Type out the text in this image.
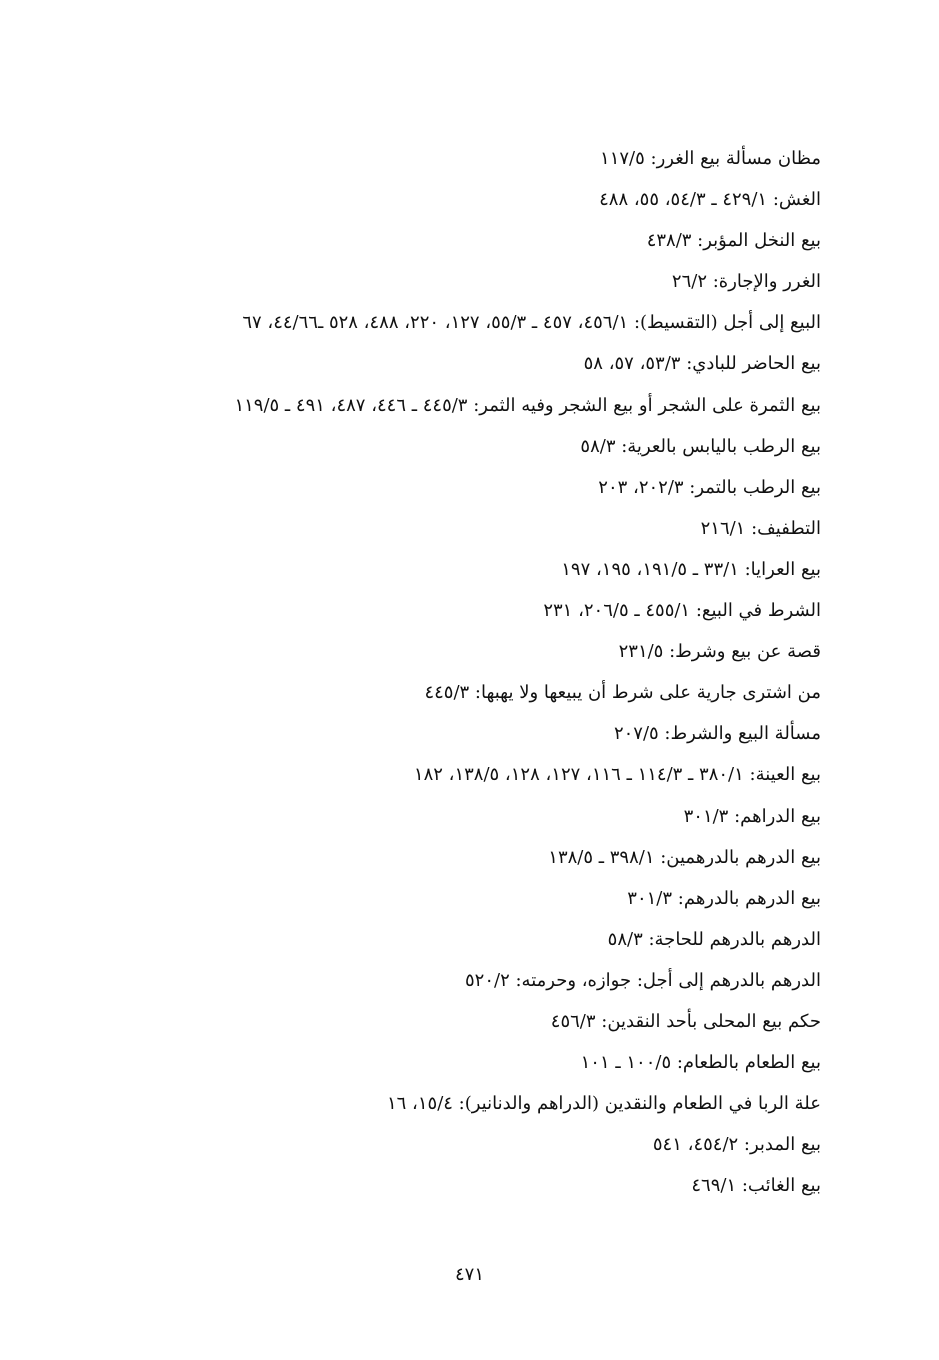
مظان مسألة بيع الغرر: ١١٧/٥
الغش: ٤٢٩/١ ـ ٥٤/٣، ٥٥، ٤٨٨
بيع النخل المؤبر: ٤٣٨/٣
الغرر والإجارة: ٢٦/٢
البيع إلى أجل (التقسيط): ٤٥٦/١، ٤٥٧ ـ ٥٥/٣، ١٢٧، ٢٢٠، ٤٨٨، ٥٢٨ ـ٤٤/٦٦، ٦٧
بيع الحاضر للبادي: ٥٣/٣، ٥٧، ٥٨
بيع الثمرة على الشجر أو بيع الشجر وفيه الثمر: ٤٤٥/٣ ـ ٤٤٦، ٤٨٧، ٤٩١ ـ ١١٩/٥
بيع الرطب باليابس بالعرية: ٥٨/٣
بيع الرطب بالتمر: ٢٠٢/٣، ٢٠٣
التطفيف: ٢١٦/١
بيع العرايا: ٣٣/١ ـ ١٩١/٥، ١٩٥، ١٩٧
الشرط في البيع: ٤٥٥/١ ـ ٢٠٦/٥، ٢٣١
قصة عن بيع وشرط: ٢٣١/٥
من اشترى جارية على شرط أن يبيعها ولا يهبها: ٤٤٥/٣
مسألة البيع والشرط: ٢٠٧/٥
بيع العينة: ٣٨٠/١ ـ ١١٤/٣ ـ ١١٦، ١٢٧، ١٢٨، ١٣٨/٥، ١٨٢
بيع الدراهم: ٣٠١/٣
بيع الدرهم بالدرهمين: ٣٩٨/١ ـ ١٣٨/٥
بيع الدرهم بالدرهم: ٣٠١/٣
الدرهم بالدرهم للحاجة: ٥٨/٣
الدرهم بالدرهم إلى أجل: جوازه، وحرمته: ٥٢٠/٢
حكم بيع المحلى بأحد النقدين: ٤٥٦/٣
بيع الطعام بالطعام: ١٠٠/٥ ـ ١٠١
علة الربا في الطعام والنقدين (الدراهم والدنانير): ١٥/٤، ١٦
بيع المدبر: ٤٥٤/٢، ٥٤١
بيع الغائب: ٤٦٩/١
٤٧١
